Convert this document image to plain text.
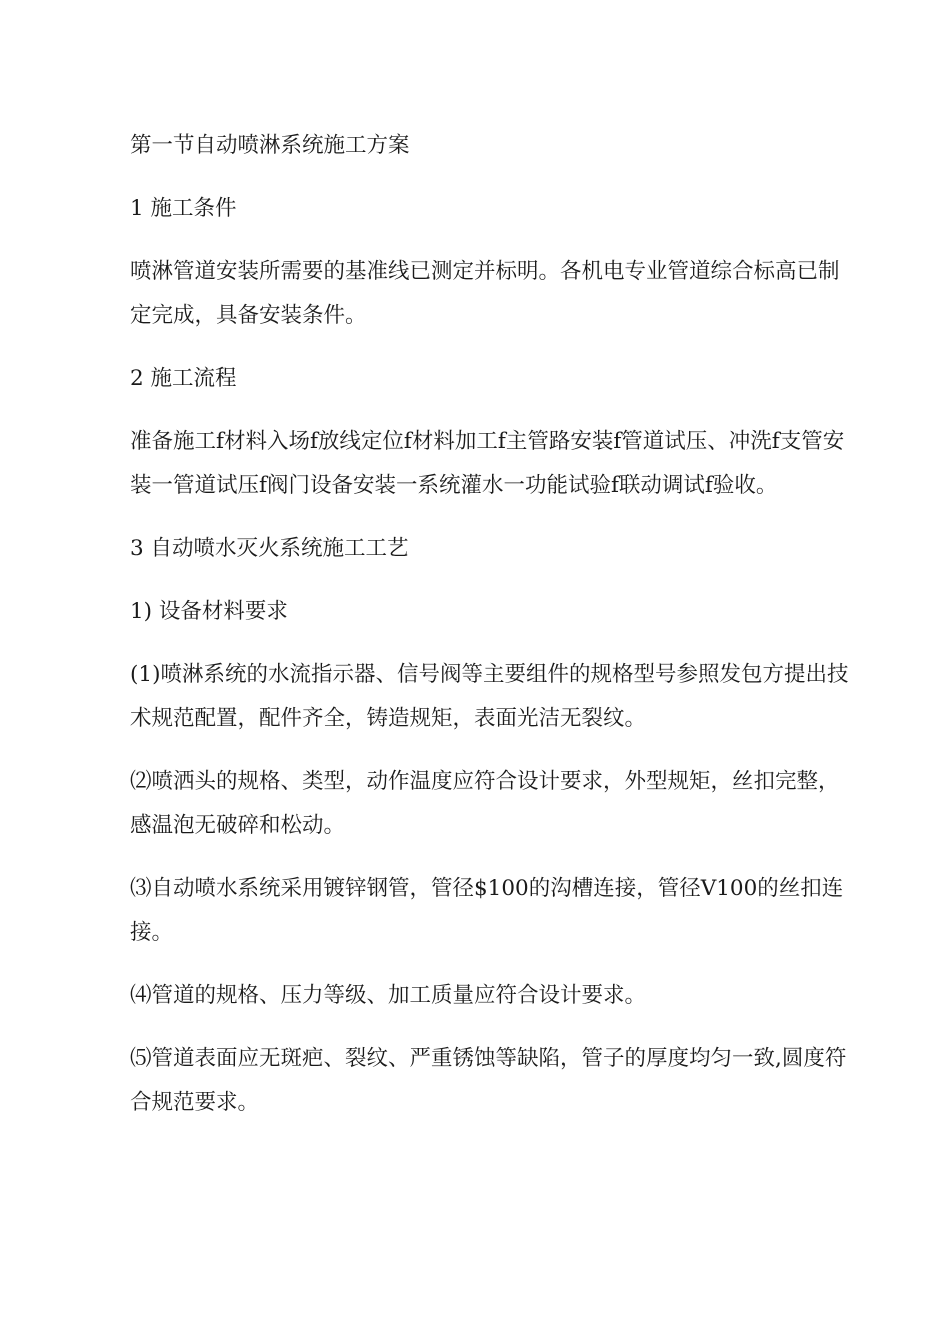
第一节自动喷淋系统施工方案

1 施工条件

喷淋管道安装所需要的基准线已测定并标明。各机电专业管道综合标高已制定完成，具备安装条件。

2 施工流程

准备施工f材料入场f放线定位f材料加工f主管路安装f管道试压、冲洗f支管安装一管道试压f阀门设备安装一系统灌水一功能试验f联动调试f验收。

3 自动喷水灭火系统施工工艺

1) 设备材料要求

(1)喷淋系统的水流指示器、信号阀等主要组件的规格型号参照发包方提出技术规范配置，配件齐全，铸造规矩，表面光洁无裂纹。

⑵喷洒头的规格、类型，动作温度应符合设计要求，外型规矩，丝扣完整，感温泡无破碎和松动。

⑶自动喷水系统采用镀锌钢管，管径$100的沟槽连接，管径V100的丝扣连接。

⑷管道的规格、压力等级、加工质量应符合设计要求。

⑸管道表面应无斑疤、裂纹、严重锈蚀等缺陷，管子的厚度均匀一致,圆度符合规范要求。
